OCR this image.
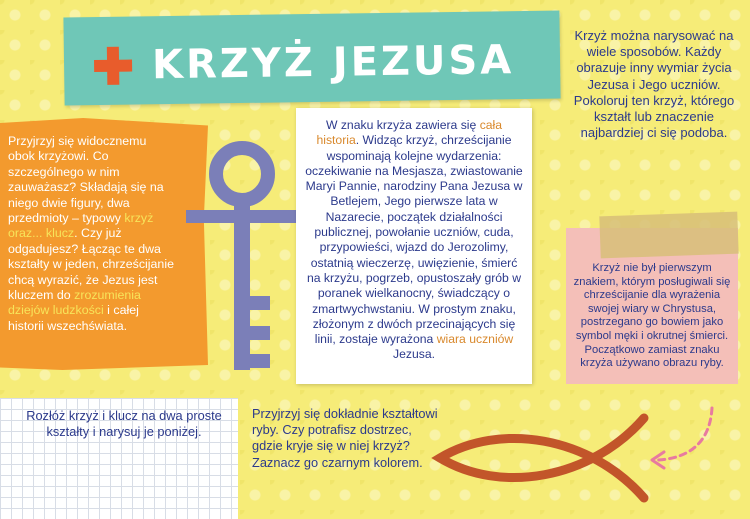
KRZYŻ JEZUSA
Krzyż można narysować na wiele sposobów. Każdy obrazuje inny wymiar życia Jezusa i Jego uczniów. Pokoloruj ten krzyż, którego kształt lub znaczenie najbardziej ci się podoba.
Przyjrzyj się widocznemu obok krzyżowi. Co szczególnego w nim zauważasz? Składają się na niego dwie figury, dwa przedmioty – typowy krzyż oraz... klucz. Czy już odgadujesz? Łącząc te dwa kształty w jeden, chrześcijanie chcą wyrazić, że Jezus jest kluczem do zrozumienia dziejów ludzkości i całej historii wszechświata.
W znaku krzyża zawiera się cała historia. Widząc krzyż, chrześcijanie wspominają kolejne wydarzenia: oczekiwanie na Mesjasza, zwiastowanie Maryi Pannie, narodziny Pana Jezusa w Betlejem, Jego pierwsze lata w Nazarecie, początek działalności publicznej, powołanie uczniów, cuda, przypowieści, wjazd do Jerozolimy, ostatnią wieczerzę, uwięzienie, śmierć na krzyżu, pogrzeb, opustoszały grób w poranek wielkanocny, świadczący o zmartwychwstaniu. W prostym znaku, złożonym z dwóch przecinających się linii, zostaje wyrażona wiara uczniów Jezusa.
Krzyż nie był pierwszym znakiem, którym posługiwali się chrześcijanie dla wyrażenia swojej wiary w Chrystusa, postrzegano go bowiem jako symbol męki i okrutnej śmierci. Początkowo zamiast znaku krzyża używano obrazu ryby.
Rozłóż krzyż i klucz na dwa proste kształty i narysuj je poniżej.
Przyjrzyj się dokładnie kształtowi ryby. Czy potrafisz dostrzec, gdzie kryje się w niej krzyż? Zaznacz go czarnym kolorem.
